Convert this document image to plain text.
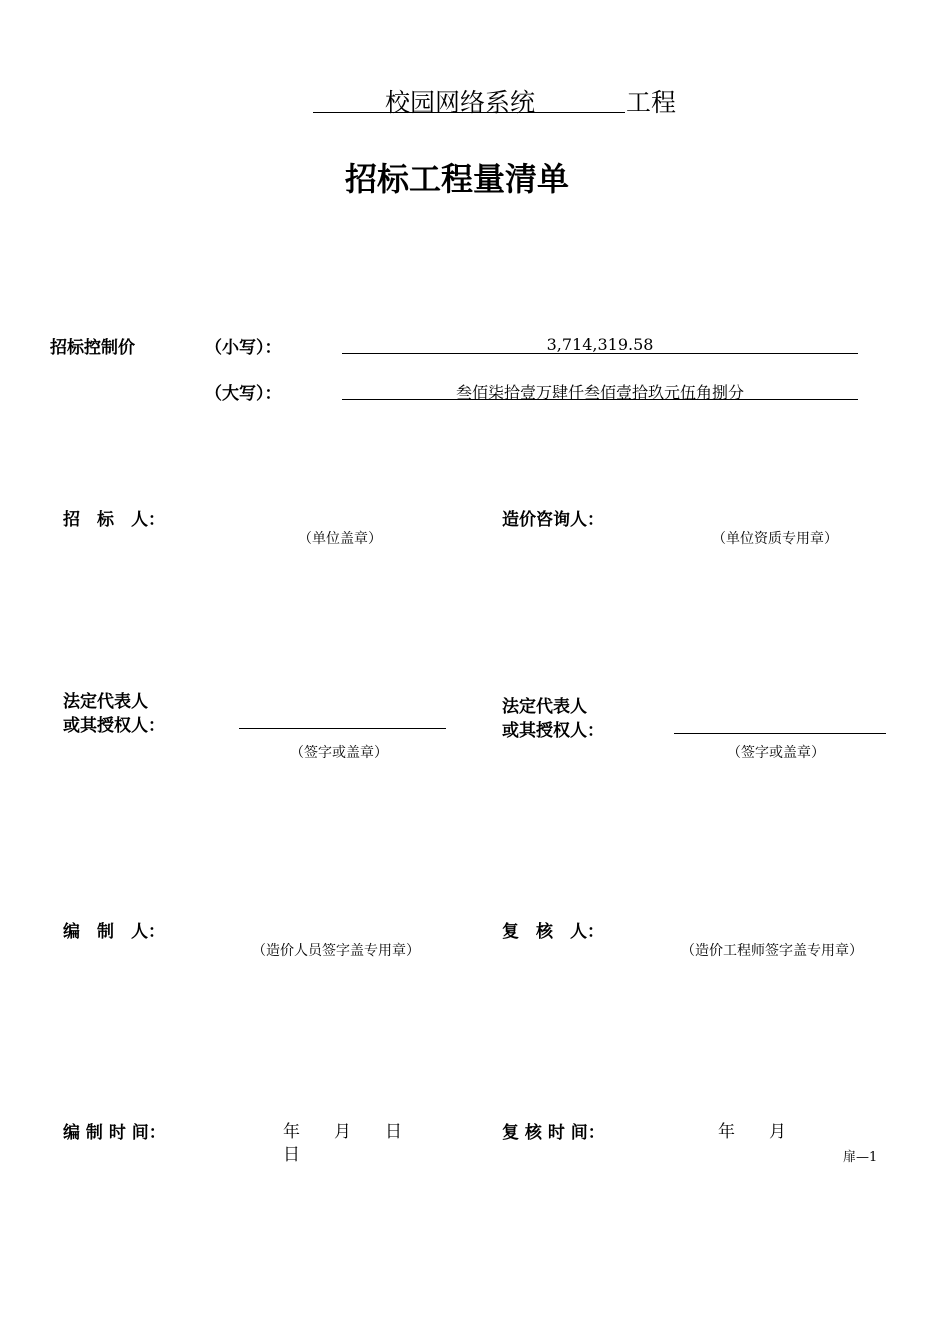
校园网络系统	工程
招标工程量清单
招标控制价	（小写）：	3,714,319.58
（大写）：	叁佰柒拾壹万肆仟叁佰壹拾玖元伍角捌分
招　标　人：
（单位盖章）
造价咨询人：
（单位资质专用章）
法定代表人
或其授权人：
（签字或盖章）
法定代表人
或其授权人：
（签字或盖章）
编　制　人：
（造价人员签字盖专用章）
复　核　人：
（造价工程师签字盖专用章）
编 制 时 间：	年　　月　　日
日
复 核 时 间：	年　　月
扉—1
